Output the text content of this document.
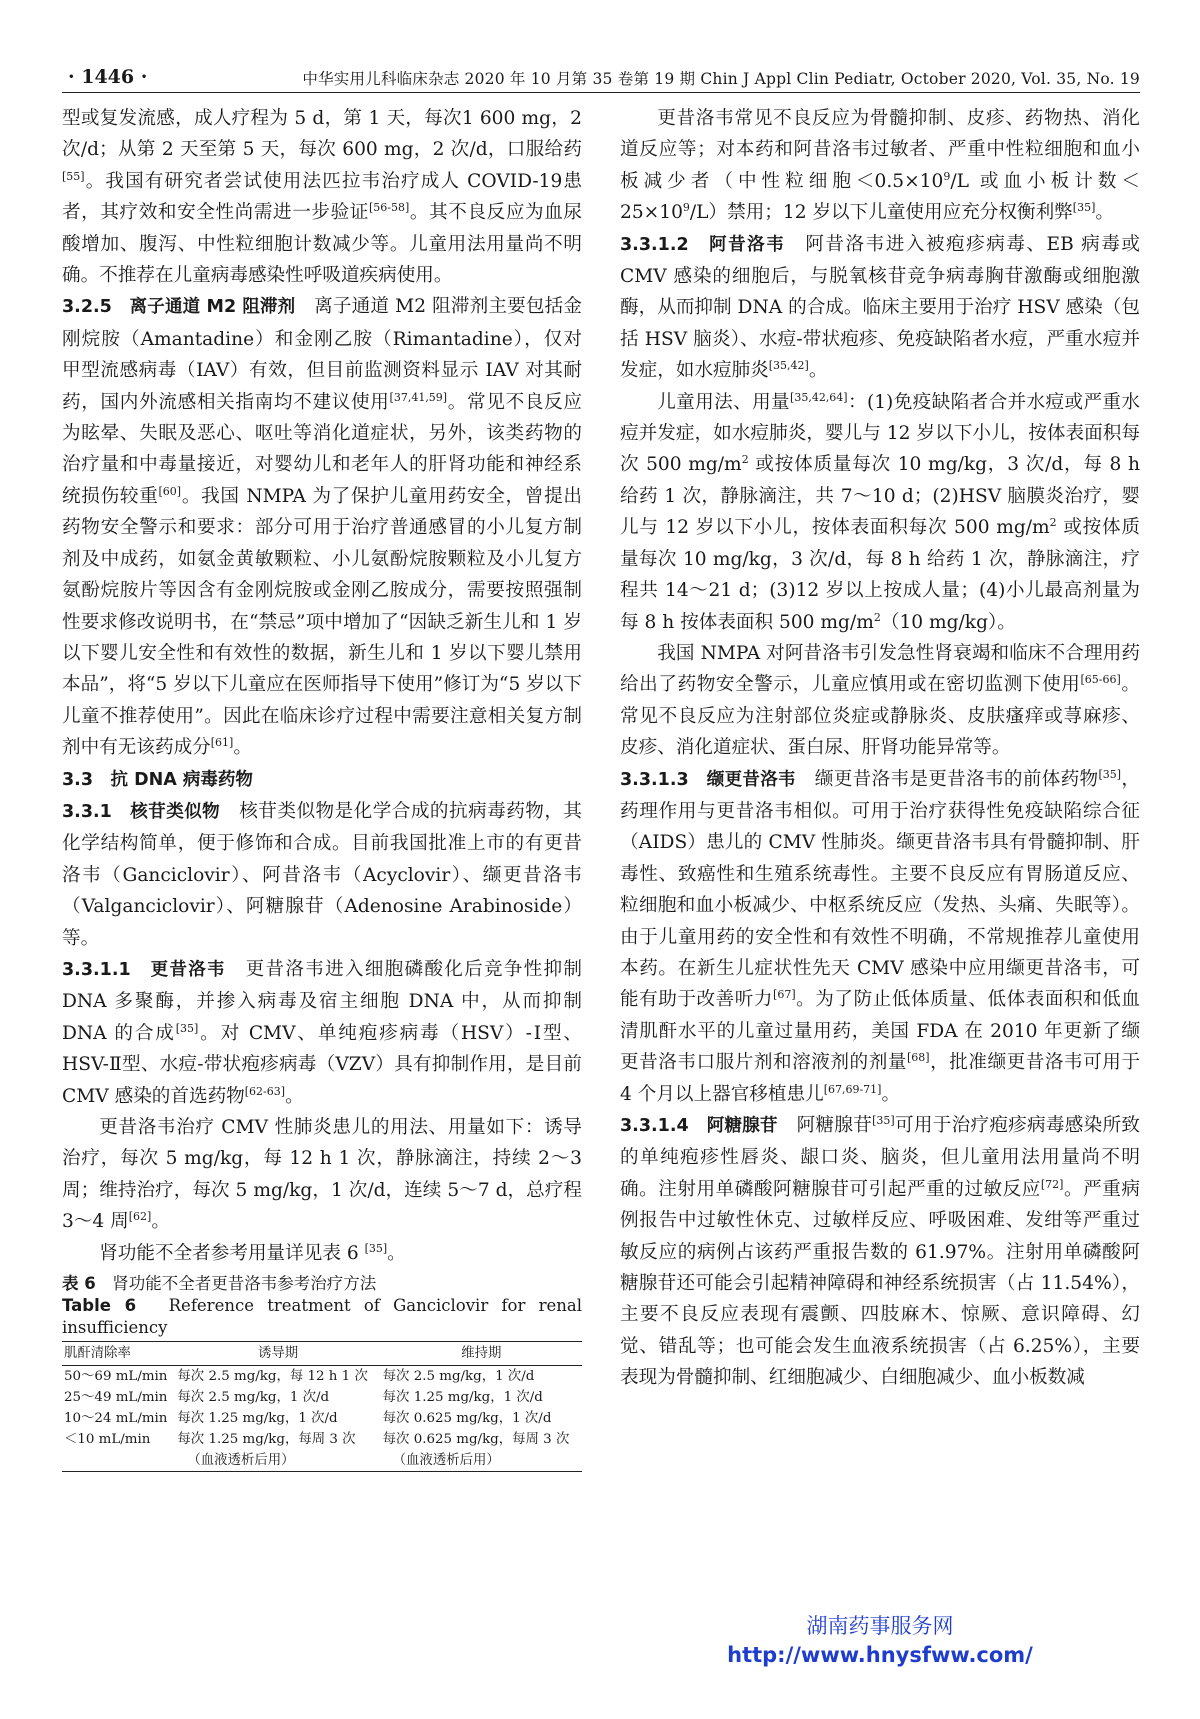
· 1446 ·	中华实用儿科临床杂志 2020 年 10 月第 35 卷第 19 期 Chin J Appl Clin Pediatr, October 2020, Vol. 35, No. 19

型或复发流感，成人疗程为 5 d，第 1 天，每次1 600 mg，2 次/d；从第 2 天至第 5 天，每次 600 mg，2 次/d，口服给药[55]。我国有研究者尝试使用法匹拉韦治疗成人 COVID-19患者，其疗效和安全性尚需进一步验证[56-58]。其不良反应为血尿酸增加、腹泻、中性粒细胞计数减少等。儿童用法用量尚不明确。不推荐在儿童病毒感染性呼吸道疾病使用。

3.2.5　离子通道 M2 阻滞剂　 离子通道 M2 阻滞剂主要包括金刚烷胺（Amantadine）和金刚乙胺（Rimantadine），仅对甲型流感病毒（IAV）有效，但目前监测资料显示 IAV 对其耐药，国内外流感相关指南均不建议使用[37,41,59]。常见不良反应为眩晕、失眠及恶心、呕吐等消化道症状，另外，该类药物的治疗量和中毒量接近，对婴幼儿和老年人的肝肾功能和神经系统损伤较重[60]。我国 NMPA 为了保护儿童用药安全，曾提出药物安全警示和要求：部分可用于治疗普通感冒的小儿复方制剂及中成药，如氨金黄敏颗粒、小儿氨酚烷胺颗粒及小儿复方氨酚烷胺片等因含有金刚烷胺或金刚乙胺成分，需要按照强制性要求修改说明书，在“禁忌”项中增加了“因缺乏新生儿和 1 岁以下婴儿安全性和有效性的数据，新生儿和 1 岁以下婴儿禁用本品”，将“5 岁以下儿童应在医师指导下使用”修订为“5 岁以下儿童不推荐使用”。因此在临床诊疗过程中需要注意相关复方制剂中有无该药成分[61]。

3.3　抗 DNA 病毒药物

3.3.1　核苷类似物　 核苷类似物是化学合成的抗病毒药物，其化学结构简单，便于修饰和合成。目前我国批准上市的有更昔洛韦（Ganciclovir）、阿昔洛韦（Acyclovir）、缬更昔洛韦（Valganciclovir）、阿糖腺苷（Adenosine Arabinoside）等。

3.3.1.1　更昔洛韦　 更昔洛韦进入细胞磷酸化后竞争性抑制 DNA 多聚酶，并掺入病毒及宿主细胞 DNA 中，从而抑制 DNA 的合成[35]。对 CMV、单纯疱疹病毒（HSV）-Ⅰ型、HSV-Ⅱ型、水痘-带状疱疹病毒（VZV）具有抑制作用，是目前 CMV 感染的首选药物[62-63]。

更昔洛韦治疗 CMV 性肺炎患儿的用法、用量如下：诱导治疗，每次 5 mg/kg，每 12 h 1 次，静脉滴注，持续 2～3 周；维持治疗，每次 5 mg/kg，1 次/d，连续 5～7 d，总疗程 3～4 周[62]。

肾功能不全者参考用量详见表 6 [35]。

表 6　 肾功能不全者更昔洛韦参考治疗方法
Table 6　 Reference treatment of Ganciclovir for renal insufficiency
肌酐清除率	诱导期	维持期
50～69 mL/min	每次 2.5 mg/kg，每 12 h 1 次	每次 2.5 mg/kg，1 次/d
25～49 mL/min	每次 2.5 mg/kg，1 次/d	每次 1.25 mg/kg，1 次/d
10～24 mL/min	每次 1.25 mg/kg，1 次/d	每次 0.625 mg/kg，1 次/d
＜10 mL/min	每次 1.25 mg/kg，每周 3 次	每次 0.625 mg/kg，每周 3 次
	（血液透析后用）	（血液透析后用）

更昔洛韦常见不良反应为骨髓抑制、皮疹、药物热、消化道反应等；对本药和阿昔洛韦过敏者、严重中性粒细胞和血小板减少者（中性粒细胞$<0.5\times 10^9/L$ 或血小板计数$<25\times 10^9/L$）禁用；12 岁以下儿童使用应充分权衡利弊[35]。

3.3.1.2　阿昔洛韦　 阿昔洛韦进入被疱疹病毒、EB 病毒或 CMV 感染的细胞后，与脱氧核苷竞争病毒胸苷激酶或细胞激酶，从而抑制 DNA 的合成。临床主要用于治疗 HSV 感染（包括 HSV 脑炎）、水痘-带状疱疹、免疫缺陷者水痘，严重水痘并发症，如水痘肺炎[35,42]。

儿童用法、用量[35,42,64]：(1)免疫缺陷者合并水痘或严重水痘并发症，如水痘肺炎，婴儿与 12 岁以下小儿，按体表面积每次 500 $mg/m^2$ 或按体质量每次 10 mg/kg，3 次/d，每 8 h 给药 1 次，静脉滴注，共 7～10 d；(2)HSV 脑膜炎治疗，婴儿与 12 岁以下小儿，按体表面积每次 500 $mg/m^2$ 或按体质量每次 10 mg/kg，3 次/d，每 8 h 给药 1 次，静脉滴注，疗程共 14～21 d；(3)12 岁以上按成人量；(4)小儿最高剂量为每 8 h 按体表面积 500 $mg/m^2(10$ mg/kg）。

我国 NMPA 对阿昔洛韦引发急性肾衰竭和临床不合理用药给出了药物安全警示，儿童应慎用或在密切监测下使用[65-66]。常见不良反应为注射部位炎症或静脉炎、皮肤瘙痒或荨麻疹、皮疹、消化道症状、蛋白尿、肝肾功能异常等。

3.3.1.3　缬更昔洛韦　 缬更昔洛韦是更昔洛韦的前体药物[35]，药理作用与更昔洛韦相似。可用于治疗获得性免疫缺陷综合征（AIDS）患儿的 CMV 性肺炎。缬更昔洛韦具有骨髓抑制、肝毒性、致癌性和生殖系统毒性。主要不良反应有胃肠道反应、粒细胞和血小板减少、中枢系统反应（发热、头痛、失眠等）。由于儿童用药的安全性和有效性不明确，不常规推荐儿童使用本药。在新生儿症状性先天 CMV 感染中应用缬更昔洛韦，可能有助于改善听力[67]。为了防止低体质量、低体表面积和低血清肌酐水平的儿童过量用药，美国 FDA 在 2010 年更新了缬更昔洛韦口服片剂和溶液剂的剂量[68]，批准缬更昔洛韦可用于 4 个月以上器官移植患儿[67,69-71]。

3.3.1.4　阿糖腺苷　 阿糖腺苷[35]可用于治疗疱疹病毒感染所致的单纯疱疹性唇炎、龈口炎、脑炎，但儿童用法用量尚不明确。注射用单磷酸阿糖腺苷可引起严重的过敏反应[72]。严重病例报告中过敏性休克、过敏样反应、呼吸困难、发绀等严重过敏反应的病例占该药严重报告数的 61.97%。注射用单磷酸阿糖腺苷还可能会引起精神障碍和神经系统损害（占 11.54%），主要不良反应表现有震颤、四肢麻木、惊厥、意识障碍、幻觉、错乱等；也可能会发生血液系统损害（占 6.25%），主要表现为骨髓抑制、红细胞减少、白细胞减少、血小板数减

湖南药事服务网
http://www.hnysfww.com/
